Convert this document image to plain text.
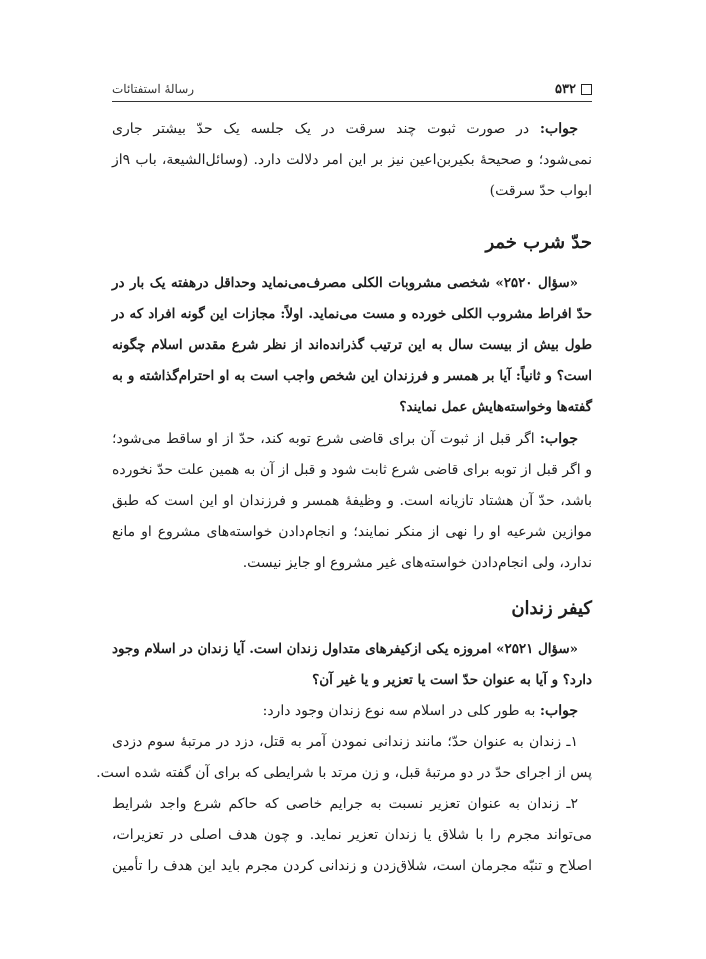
۵۳۲
رسالهٔ استفتائات
جواب: در صورت ثبوت چند سرقت در یک جلسه یک حدّ بیشتر جاری
نمی‌شود؛ و صحیحهٔ بکیربن‌اعین نیز بر این امر دلالت دارد. (وسائل‌الشیعة، باب ۹از
ابواب حدّ سرقت)
حدّ شرب خمر
«سؤال ۲۵۲۰» شخصی مشروبات الکلی مصرف‌می‌نماید وحداقل درهفته یک بار در
حدّ افراط مشروب الکلی خورده و مست می‌نماید. اولاً: مجازات این گونه افراد که در
طول بیش از بیست سال به این ترتیب گذرانده‌اند از نظر شرع مقدس اسلام چگونه
است؟ و ثانیاً: آیا بر همسر و فرزندان این شخص واجب است به او احترام‌گذاشته و به
گفته‌ها وخواسته‌هایش عمل نمایند؟
جواب: اگر قبل از ثبوت آن برای قاضی شرع توبه کند، حدّ از او ساقط می‌شود؛
و اگر قبل از توبه برای قاضی شرع ثابت شود و قبل از آن به همین علت حدّ نخورده
باشد، حدّ آن هشتاد تازیانه است. و وظیفهٔ همسر و فرزندان او این است که طبق
موازین شرعیه او را نهی از منکر نمایند؛ و انجام‌دادن خواسته‌های مشروع او مانع
ندارد، ولی انجام‌دادن خواسته‌های غیر مشروع او جایز نیست.
کیفر زندان
«سؤال ۲۵۲۱» امروزه یکی ازکیفرهای متداول زندان است. آیا زندان در اسلام وجود
دارد؟ و آیا به عنوان حدّ است یا تعزیر و یا غیر آن؟
جواب: به طور کلی در اسلام سه نوع زندان وجود دارد:
۱ـ زندان به عنوان حدّ؛ مانند زندانی نمودن آمر به قتل، دزد در مرتبهٔ سوم دزدی
پس از اجرای حدّ در دو مرتبهٔ قبل، و زن مرتد با شرایطی که برای آن گفته شده است.
۲ـ زندان به عنوان تعزیر نسبت به جرایم خاصی که حاکم شرع واجد شرایط
می‌تواند مجرم را با شلاق یا زندان تعزیر نماید. و چون هدف اصلی در تعزیرات،
اصلاح و تنبّه مجرمان است، شلاق‌زدن و زندانی کردن مجرم باید این هدف را تأمین
